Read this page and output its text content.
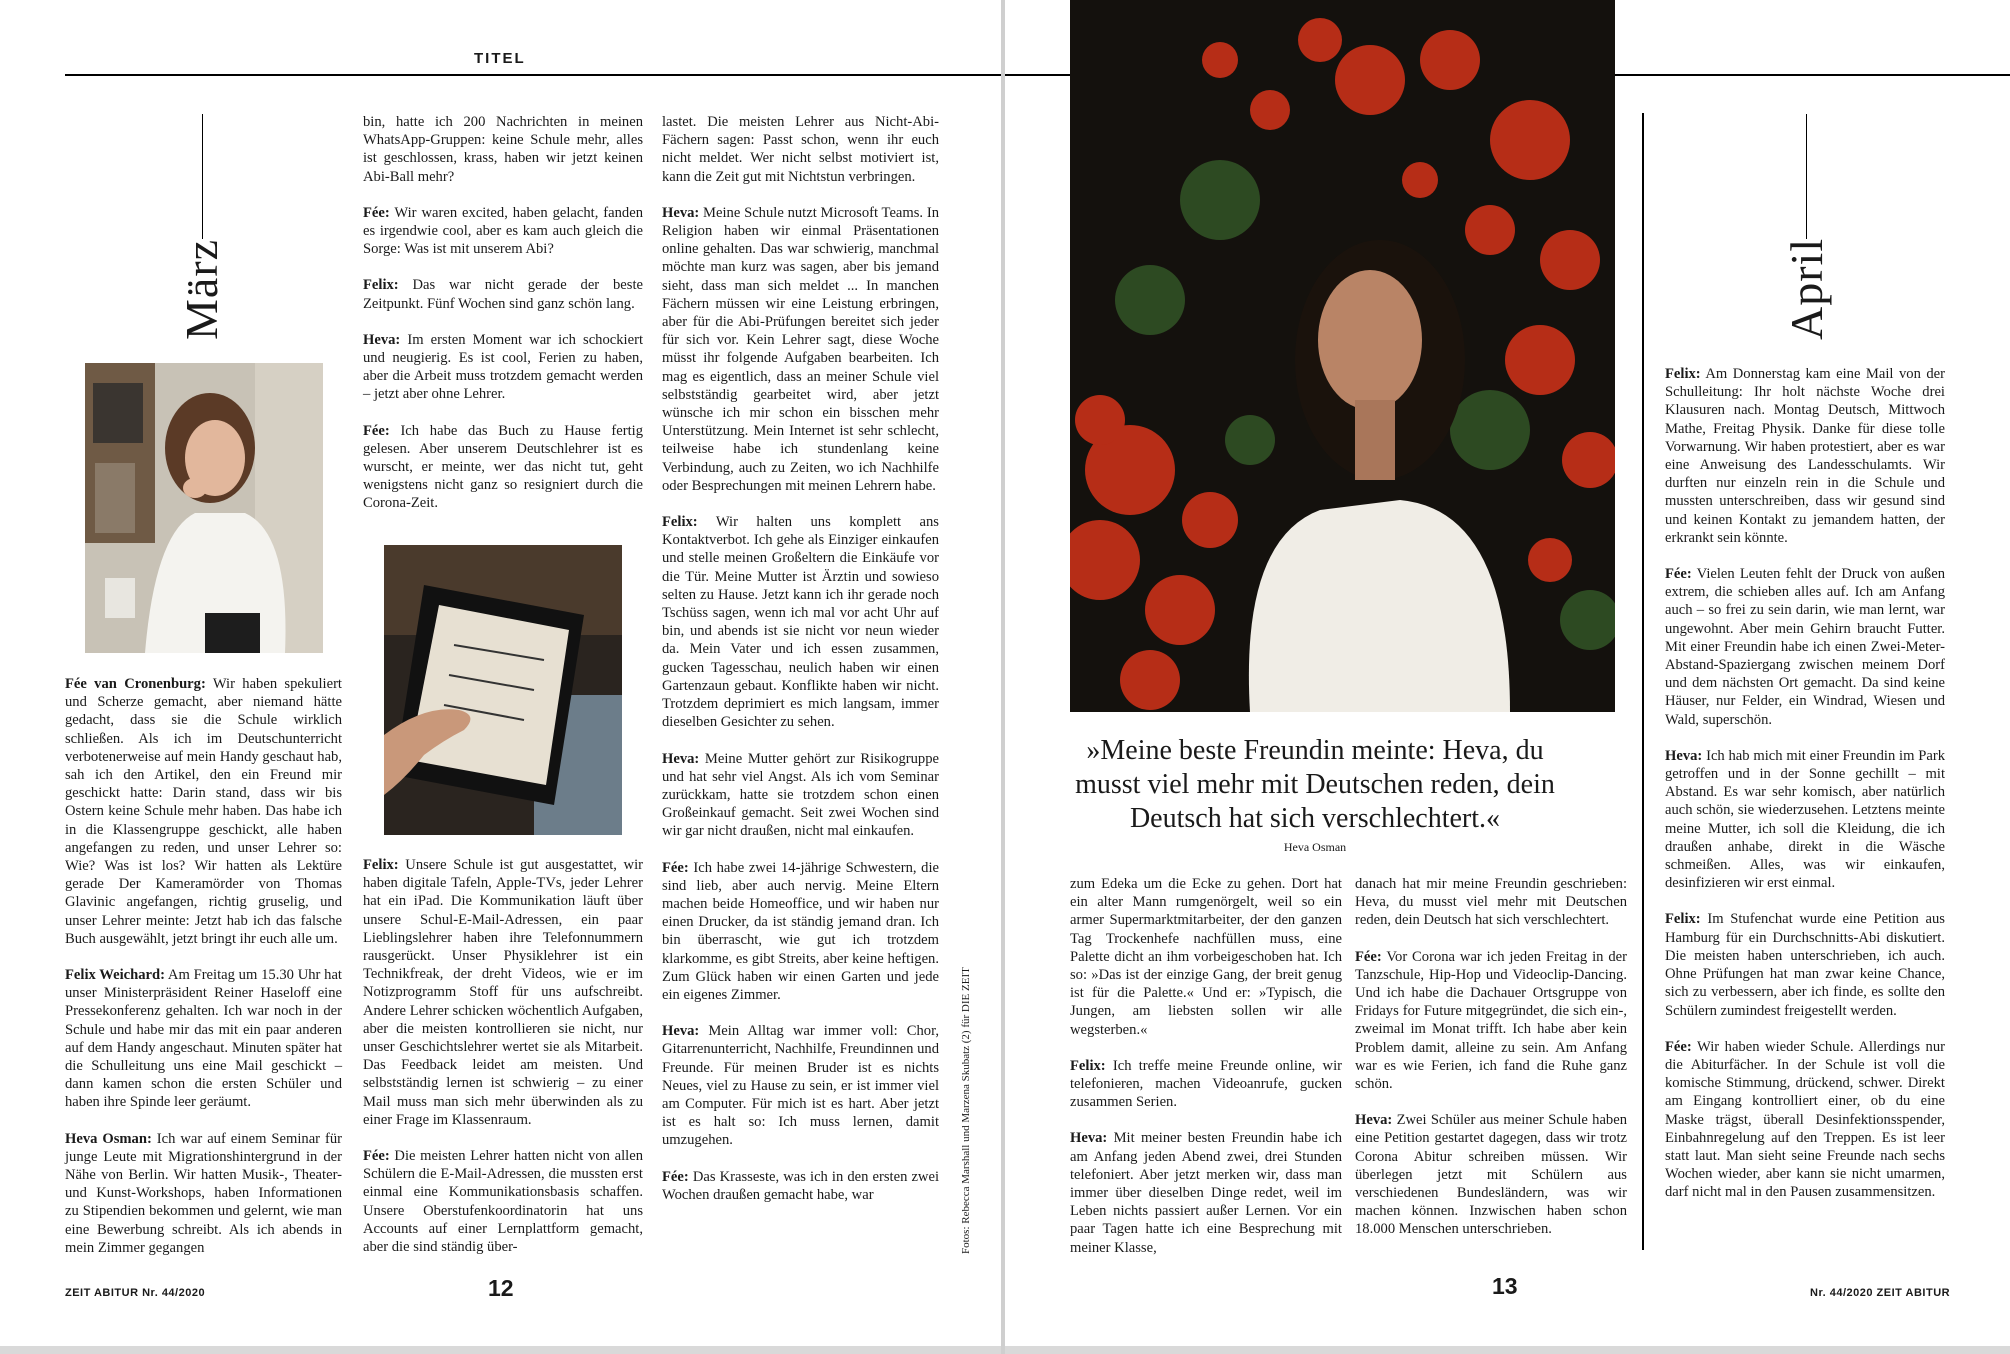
TITEL
März

Fée van Cronenburg: Wir haben spekuliert und Scherze gemacht, aber niemand hätte gedacht, dass sie die Schule wirklich schließen. Als ich im Deutschunterricht verbotenerweise auf mein Handy geschaut hab, sah ich den Artikel, den ein Freund mir geschickt hatte: Darin stand, dass wir bis Ostern keine Schule mehr haben. Das habe ich in die Klassengruppe geschickt, alle haben angefangen zu reden, und unser Lehrer so: Wie? Was ist los? Wir hatten als Lektüre gerade Der Kameramörder von Thomas Glavinic angefangen, richtig gruselig, und unser Lehrer meinte: Jetzt hab ich das falsche Buch ausgewählt, jetzt bringt ihr euch alle um.

Felix Weichard: Am Freitag um 15.30 Uhr hat unser Ministerpräsident Reiner Haseloff eine Pressekonferenz gehalten. Ich war noch in der Schule und habe mir das mit ein paar anderen auf dem Handy angeschaut. Minuten später hat die Schulleitung uns eine Mail geschickt – dann kamen schon die ersten Schüler und haben ihre Spinde leer geräumt.

Heva Osman: Ich war auf einem Seminar für junge Leute mit Migrationshintergrund in der Nähe von Berlin. Wir hatten Musik-, Theater- und Kunst-Workshops, haben Informationen zu Stipendien bekommen und gelernt, wie man eine Bewerbung schreibt. Als ich abends in mein Zimmer gegangen

bin, hatte ich 200 Nachrichten in meinen WhatsApp-Gruppen: keine Schule mehr, alles ist geschlossen, krass, haben wir jetzt keinen Abi-Ball mehr?

Fée: Wir waren excited, haben gelacht, fanden es irgendwie cool, aber es kam auch gleich die Sorge: Was ist mit unserem Abi?

Felix: Das war nicht gerade der beste Zeitpunkt. Fünf Wochen sind ganz schön lang.

Heva: Im ersten Moment war ich schockiert und neugierig. Es ist cool, Ferien zu haben, aber die Arbeit muss trotzdem gemacht werden – jetzt aber ohne Lehrer.

Fée: Ich habe das Buch zu Hause fertig gelesen. Aber unserem Deutschlehrer ist es wurscht, er meinte, wer das nicht tut, geht wenigstens nicht ganz so resigniert durch die Corona-Zeit.

Felix: Unsere Schule ist gut ausgestattet, wir haben digitale Tafeln, Apple-TVs, jeder Lehrer hat ein iPad. Die Kommunikation läuft über unsere Schul-E-Mail-Adressen, ein paar Lieblingslehrer haben ihre Telefonnummern rausgerückt. Unser Physiklehrer ist ein Technikfreak, der dreht Videos, wie er im Notizprogramm Stoff für uns aufschreibt. Andere Lehrer schicken wöchentlich Aufgaben, aber die meisten kontrollieren sie nicht, nur unser Geschichtslehrer wertet sie als Mitarbeit. Das Feedback leidet am meisten. Und selbstständig lernen ist schwierig – zu einer Mail muss man sich mehr überwinden als zu einer Frage im Klassenraum.

Fée: Die meisten Lehrer hatten nicht von allen Schülern die E-Mail-Adressen, die mussten erst einmal eine Kommunikationsbasis schaffen. Unsere Oberstufenkoordinatorin hat uns Accounts auf einer Lernplattform gemacht, aber die sind ständig über-

lastet. Die meisten Lehrer aus Nicht-Abi-Fächern sagen: Passt schon, wenn ihr euch nicht meldet. Wer nicht selbst motiviert ist, kann die Zeit gut mit Nichtstun verbringen.

Heva: Meine Schule nutzt Microsoft Teams. In Religion haben wir einmal Präsentationen online gehalten. Das war schwierig, manchmal möchte man kurz was sagen, aber bis jemand sieht, dass man sich meldet ... In manchen Fächern müssen wir eine Leistung erbringen, aber für die Abi-Prüfungen bereitet sich jeder für sich vor. Kein Lehrer sagt, diese Woche müsst ihr folgende Aufgaben bearbeiten. Ich mag es eigentlich, dass an meiner Schule viel selbstständig gearbeitet wird, aber jetzt wünsche ich mir schon ein bisschen mehr Unterstützung. Mein Internet ist sehr schlecht, teilweise habe ich stundenlang keine Verbindung, auch zu Zeiten, wo ich Nachhilfe oder Besprechungen mit meinen Lehrern habe.

Felix: Wir halten uns komplett ans Kontaktverbot. Ich gehe als Einziger einkaufen und stelle meinen Großeltern die Einkäufe vor die Tür. Meine Mutter ist Ärztin und sowieso selten zu Hause. Jetzt kann ich ihr gerade noch Tschüss sagen, wenn ich mal vor acht Uhr auf bin, und abends ist sie nicht vor neun wieder da. Mein Vater und ich essen zusammen, gucken Tagesschau, neulich haben wir einen Gartenzaun gebaut. Konflikte haben wir nicht. Trotzdem deprimiert es mich langsam, immer dieselben Gesichter zu sehen.

Heva: Meine Mutter gehört zur Risikogruppe und hat sehr viel Angst. Als ich vom Seminar zurückkam, hatte sie trotzdem schon einen Großeinkauf gemacht. Seit zwei Wochen sind wir gar nicht draußen, nicht mal einkaufen.

Fée: Ich habe zwei 14-jährige Schwestern, die sind lieb, aber auch nervig. Meine Eltern machen beide Homeoffice, und wir haben nur einen Drucker, da ist ständig jemand dran. Ich bin überrascht, wie gut ich trotzdem klarkomme, es gibt Streits, aber keine heftigen. Zum Glück haben wir einen Garten und jede ein eigenes Zimmer.

Heva: Mein Alltag war immer voll: Chor, Gitarrenunterricht, Nachhilfe, Freundinnen und Freunde. Für meinen Bruder ist es nichts Neues, viel zu Hause zu sein, er ist immer viel am Computer. Für mich ist es hart. Aber jetzt ist es halt so: Ich muss lernen, damit umzugehen.

Fée: Das Krasseste, was ich in den ersten zwei Wochen draußen gemacht habe, war	Fotos: Rebecca Marshall und Marzena Skubatz (2) für DIE ZEIT
ZEIT ABITUR Nr. 44/2020	12
»Meine beste Freundin meinte: Heva, du musst viel mehr mit Deutschen reden, dein Deutsch hat sich verschlechtert.«
Heva Osman

zum Edeka um die Ecke zu gehen. Dort hat ein alter Mann rumgenörgelt, weil so ein armer Supermarktmitarbeiter, der den ganzen Tag Trockenhefe nachfüllen muss, eine Palette dicht an ihm vorbeigeschoben hat. Ich so: »Das ist der einzige Gang, der breit genug ist für die Palette.« Und er: »Typisch, die Jungen, am liebsten sollen wir alle wegsterben.«

Felix: Ich treffe meine Freunde online, wir telefonieren, machen Videoanrufe, gucken zusammen Serien.

Heva: Mit meiner besten Freundin habe ich am Anfang jeden Abend zwei, drei Stunden telefoniert. Aber jetzt merken wir, dass man immer über dieselben Dinge redet, weil im Leben nichts passiert außer Lernen. Vor ein paar Tagen hatte ich eine Besprechung mit meiner Klasse,

danach hat mir meine Freundin geschrieben: Heva, du musst viel mehr mit Deutschen reden, dein Deutsch hat sich verschlechtert.

Fée: Vor Corona war ich jeden Freitag in der Tanzschule, Hip-Hop und Videoclip-Dancing. Und ich habe die Dachauer Ortsgruppe von Fridays for Future mitgegründet, die sich ein-, zweimal im Monat trifft. Ich habe aber kein Problem damit, alleine zu sein. Am Anfang war es wie Ferien, ich fand die Ruhe ganz schön.

Heva: Zwei Schüler aus meiner Schule haben eine Petition gestartet dagegen, dass wir trotz Corona Abitur schreiben müssen. Wir überlegen jetzt mit Schülern aus verschiedenen Bundesländern, was wir machen können. Inzwischen haben schon 18.000 Menschen unterschrieben.

April

Felix: Am Donnerstag kam eine Mail von der Schulleitung: Ihr holt nächste Woche drei Klausuren nach. Montag Deutsch, Mittwoch Mathe, Freitag Physik. Danke für diese tolle Vorwarnung. Wir haben protestiert, aber es war eine Anweisung des Landesschulamts. Wir durften nur einzeln rein in die Schule und mussten unterschreiben, dass wir gesund sind und keinen Kontakt zu jemandem hatten, der erkrankt sein könnte.

Fée: Vielen Leuten fehlt der Druck von außen extrem, die schieben alles auf. Ich am Anfang auch – so frei zu sein darin, wie man lernt, war ungewohnt. Aber mein Gehirn braucht Futter. Mit einer Freundin habe ich einen Zwei-Meter-Abstand-Spaziergang zwischen meinem Dorf und dem nächsten Ort gemacht. Da sind keine Häuser, nur Felder, ein Windrad, Wiesen und Wald, superschön.

Heva: Ich hab mich mit einer Freundin im Park getroffen und in der Sonne gechillt – mit Abstand. Es war sehr komisch, aber natürlich auch schön, sie wiederzusehen. Letztens meinte meine Mutter, ich soll die Kleidung, die ich draußen anhabe, direkt in die Wäsche schmeißen. Alles, was wir einkaufen, desinfizieren wir erst einmal.

Felix: Im Stufenchat wurde eine Petition aus Hamburg für ein Durchschnitts-Abi diskutiert. Die meisten haben unterschrieben, ich auch. Ohne Prüfungen hat man zwar keine Chance, sich zu verbessern, aber ich finde, es sollte den Schülern zumindest freigestellt werden.

Fée: Wir haben wieder Schule. Allerdings nur die Abiturfächer. In der Schule ist voll die komische Stimmung, drückend, schwer. Direkt am Eingang kontrolliert einer, ob du eine Maske trägst, überall Desinfektionsspender, Einbahnregelung auf den Treppen. Es ist leer statt laut. Man sieht seine Freunde nach sechs Wochen wieder, aber kann sie nicht umarmen, darf nicht mal in den Pausen zusammensitzen.

13	Nr. 44/2020 ZEIT ABITUR
